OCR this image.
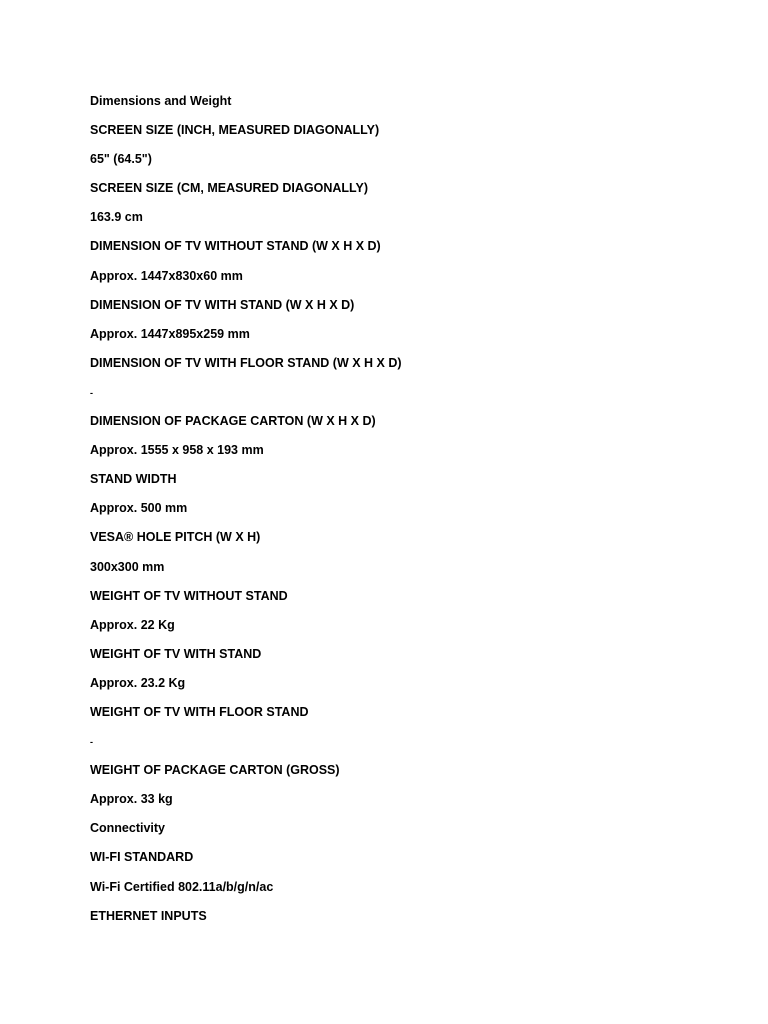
Dimensions and Weight
SCREEN SIZE (INCH, MEASURED DIAGONALLY)
65" (64.5")
SCREEN SIZE (CM, MEASURED DIAGONALLY)
163.9 cm
DIMENSION OF TV WITHOUT STAND (W X H X D)
Approx. 1447x830x60 mm
DIMENSION OF TV WITH STAND (W X H X D)
Approx. 1447x895x259 mm
DIMENSION OF TV WITH FLOOR STAND (W X H X D)
-
DIMENSION OF PACKAGE CARTON (W X H X D)
Approx. 1555 x 958 x 193 mm
STAND WIDTH
Approx. 500 mm
VESA® HOLE PITCH (W X H)
300x300 mm
WEIGHT OF TV WITHOUT STAND
Approx. 22 Kg
WEIGHT OF TV WITH STAND
Approx. 23.2 Kg
WEIGHT OF TV WITH FLOOR STAND
-
WEIGHT OF PACKAGE CARTON (GROSS)
Approx. 33 kg
Connectivity
WI-FI STANDARD
Wi-Fi Certified 802.11a/b/g/n/ac
ETHERNET INPUTS
